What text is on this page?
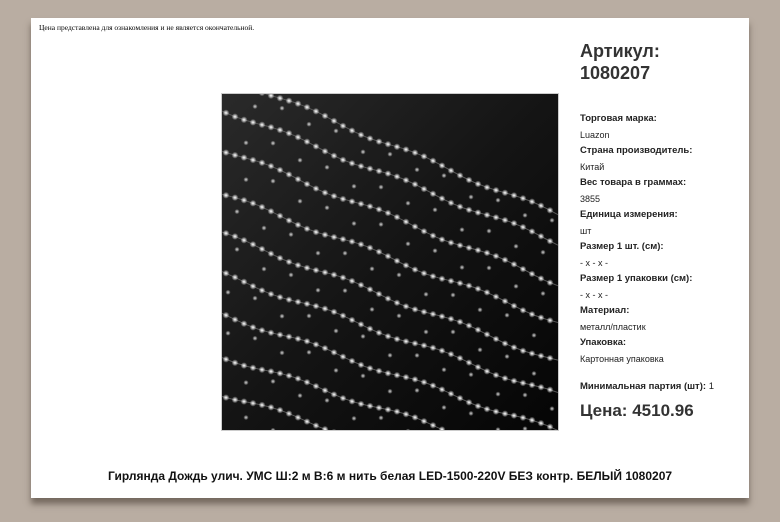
Цена представлена для ознакомления и не является окончательной.
Артикул:
1080207
Торговая марка:
Luazon
Страна производитель:
Китай
Вес товара в граммах:
3855
Единица измерения:
шт
Размер 1 шт. (см):
- x - x -
Размер 1 упаковки (см):
- x - x -
Материал:
металл/пластик
Упаковка:
Картонная упаковка
Минимальная партия (шт): 1
Цена: 4510.96
Гирлянда Дождь улич. УМС Ш:2 м В:6 м нить белая LED-1500-220V БЕЗ контр. БЕЛЫЙ 1080207
